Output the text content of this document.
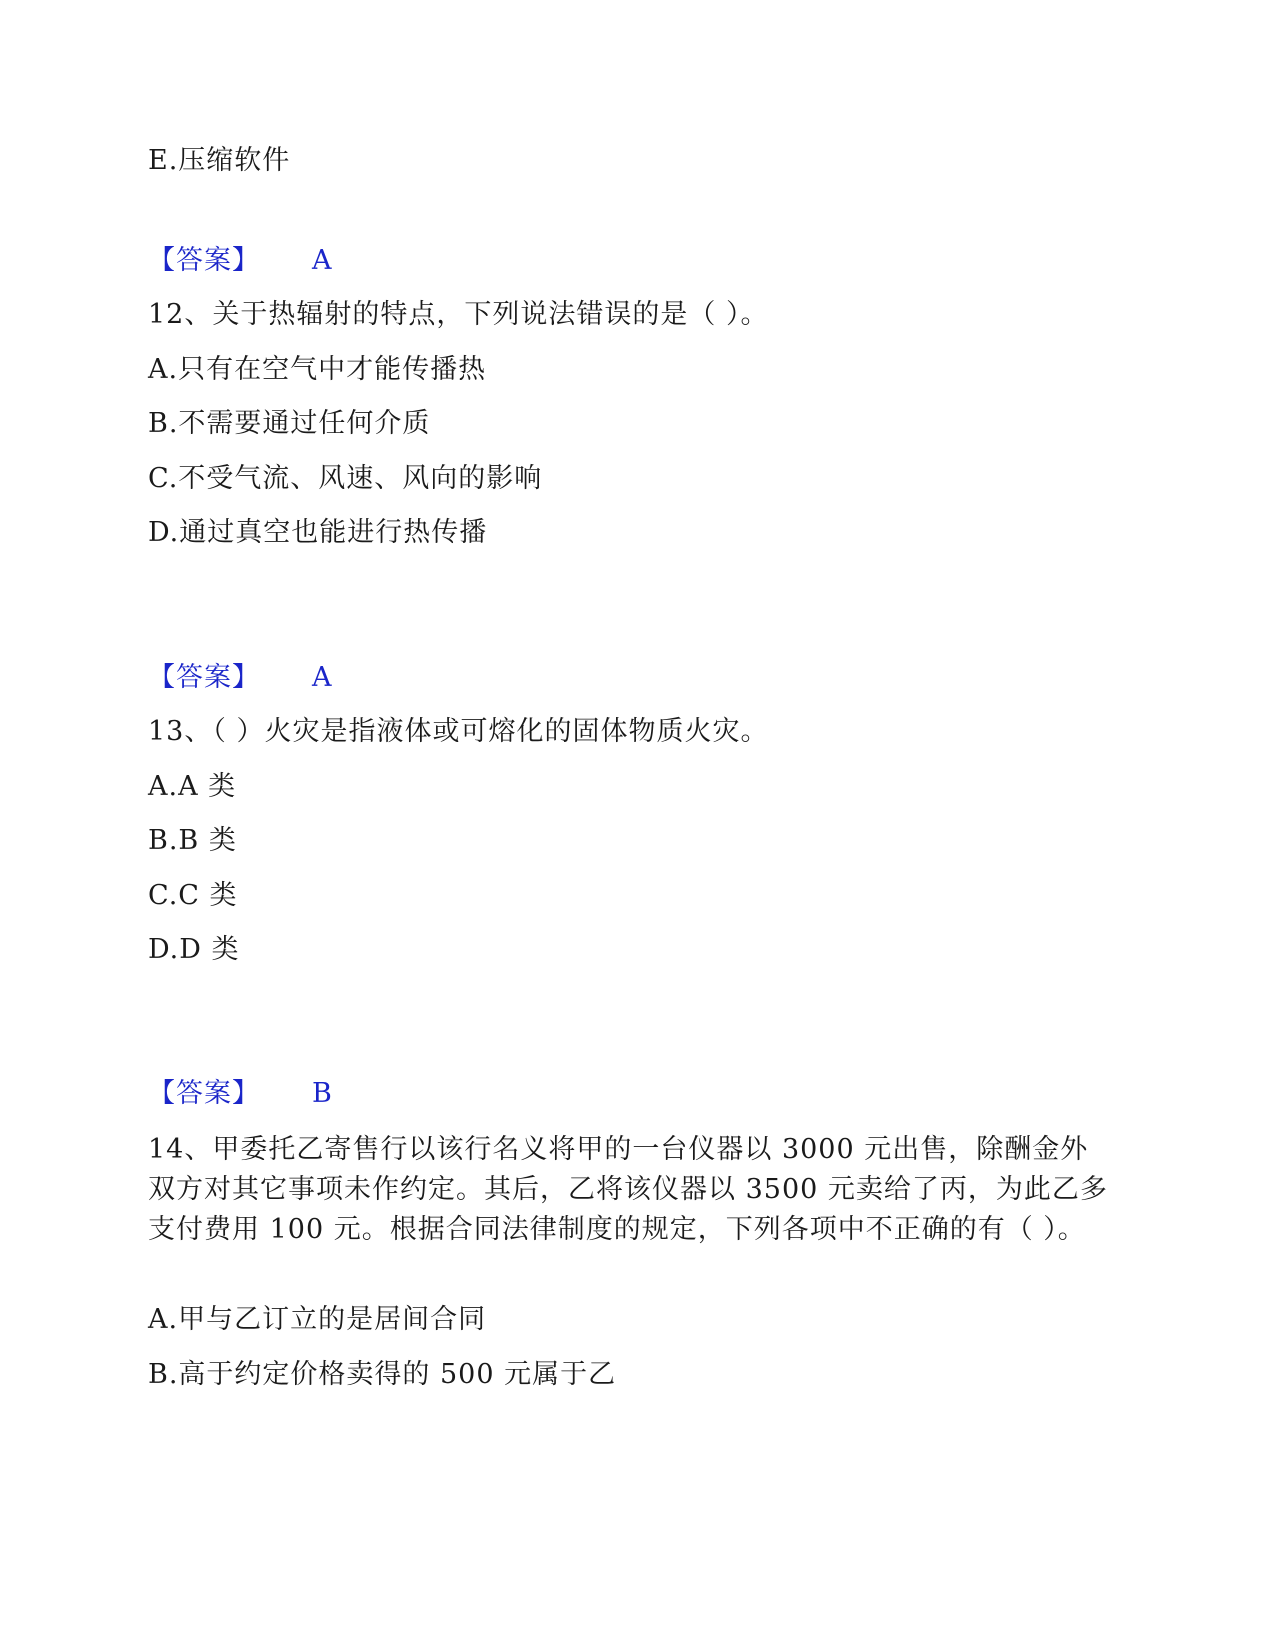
E.压缩软件
【答案】 A
12、关于热辐射的特点，下列说法错误的是（ ）。
A.只有在空气中才能传播热
B.不需要通过任何介质
C.不受气流、风速、风向的影响
D.通过真空也能进行热传播
【答案】 A
13、（ ）火灾是指液体或可熔化的固体物质火灾。
A.A 类
B.B 类
C.C 类
D.D 类
【答案】 B
14、甲委托乙寄售行以该行名义将甲的一台仪器以 3000 元出售，除酬金外双方对其它事项未作约定。其后，乙将该仪器以 3500 元卖给了丙，为此乙多支付费用 100 元。根据合同法律制度的规定，下列各项中不正确的有（ ）。
A.甲与乙订立的是居间合同
B.高于约定价格卖得的 500 元属于乙
